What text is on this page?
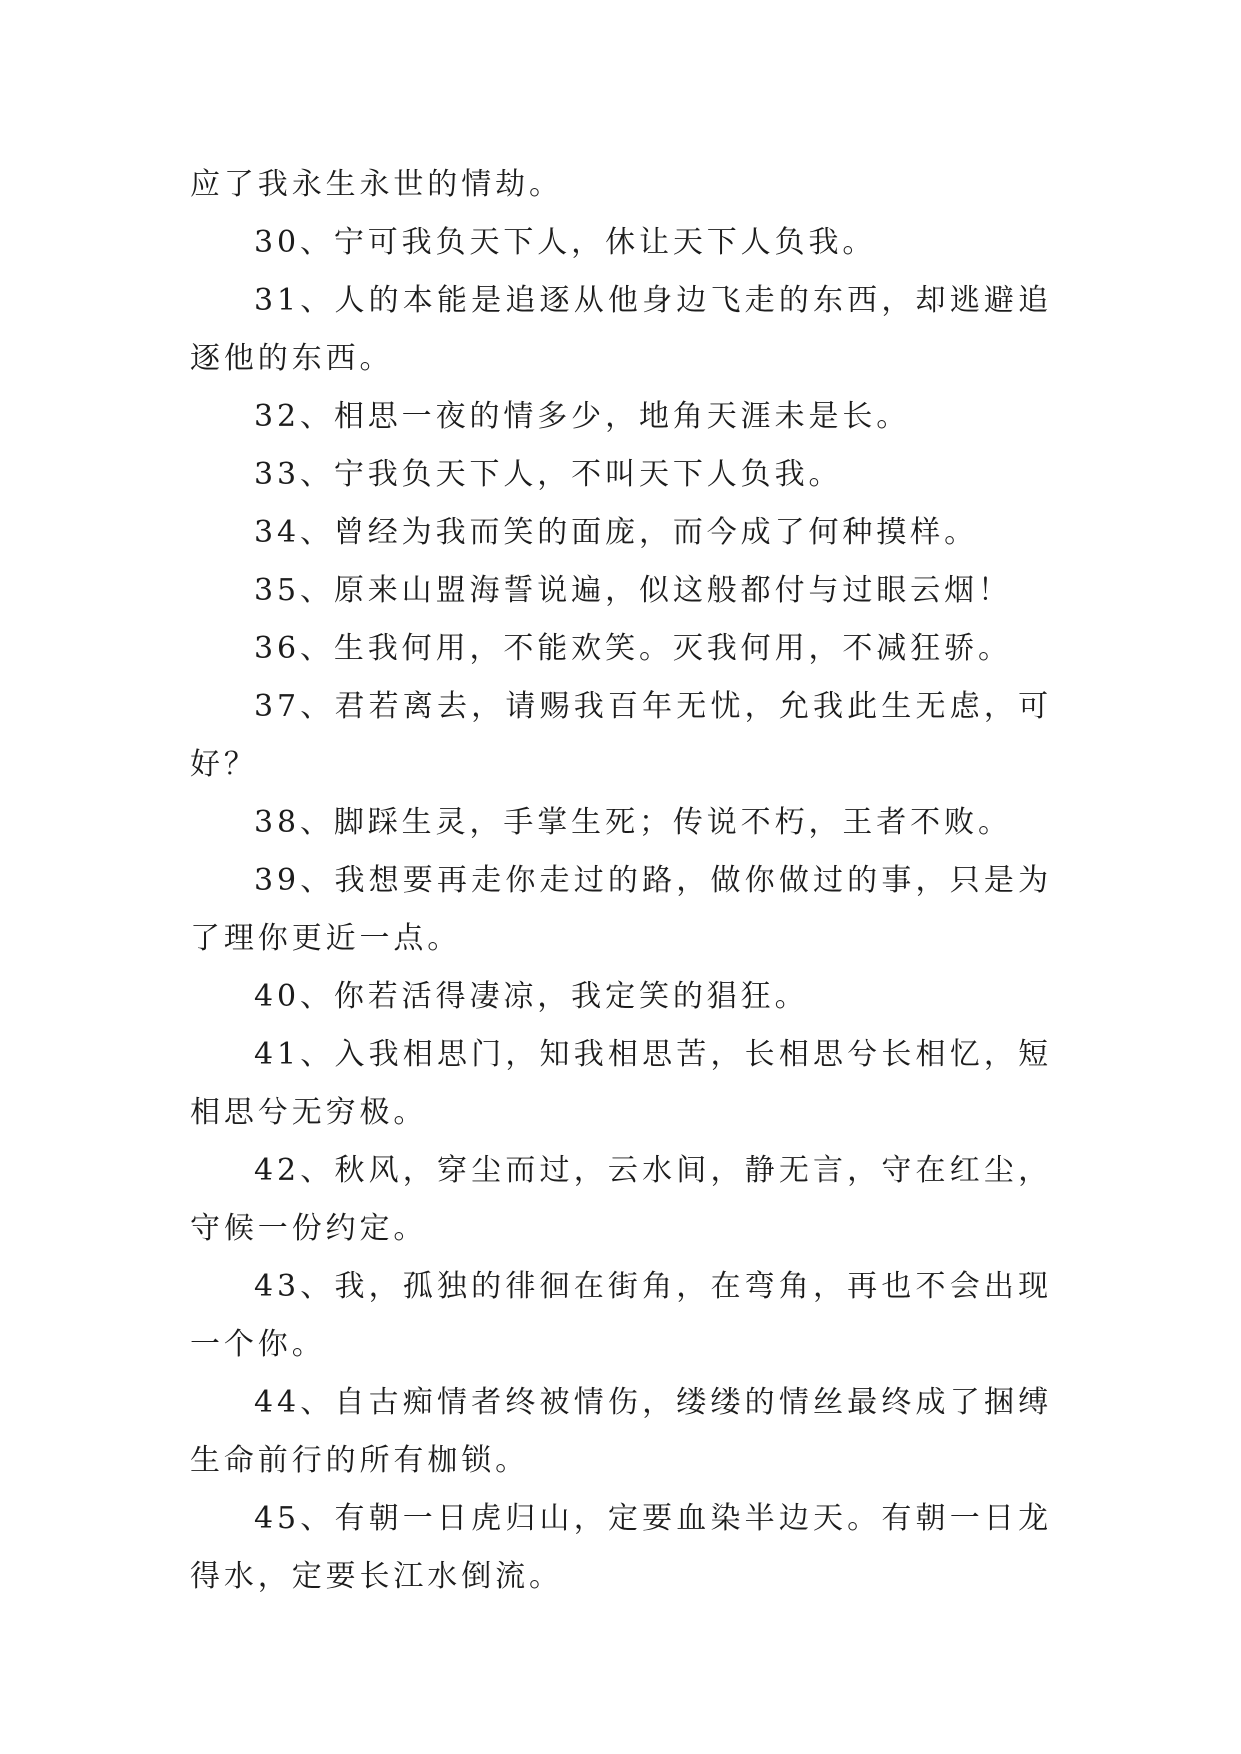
应了我永生永世的情劫。

30、宁可我负天下人，休让天下人负我。

31、人的本能是追逐从他身边飞走的东西，却逃避追逐他的东西。

32、相思一夜的情多少，地角天涯未是长。

33、宁我负天下人，不叫天下人负我。

34、曾经为我而笑的面庞，而今成了何种摸样。

35、原来山盟海誓说遍，似这般都付与过眼云烟！

36、生我何用，不能欢笑。灭我何用，不减狂骄。

37、君若离去，请赐我百年无忧，允我此生无虑，可好？

38、脚踩生灵，手掌生死；传说不朽，王者不败。

39、我想要再走你走过的路，做你做过的事，只是为了理你更近一点。

40、你若活得凄凉，我定笑的猖狂。

41、入我相思门，知我相思苦，长相思兮长相忆，短相思兮无穷极。

42、秋风，穿尘而过，云水间，静无言，守在红尘，守候一份约定。

43、我，孤独的徘徊在街角，在弯角，再也不会出现一个你。

44、自古痴情者终被情伤，缕缕的情丝最终成了捆缚生命前行的所有枷锁。

45、有朝一日虎归山，定要血染半边天。有朝一日龙得水，定要长江水倒流。
